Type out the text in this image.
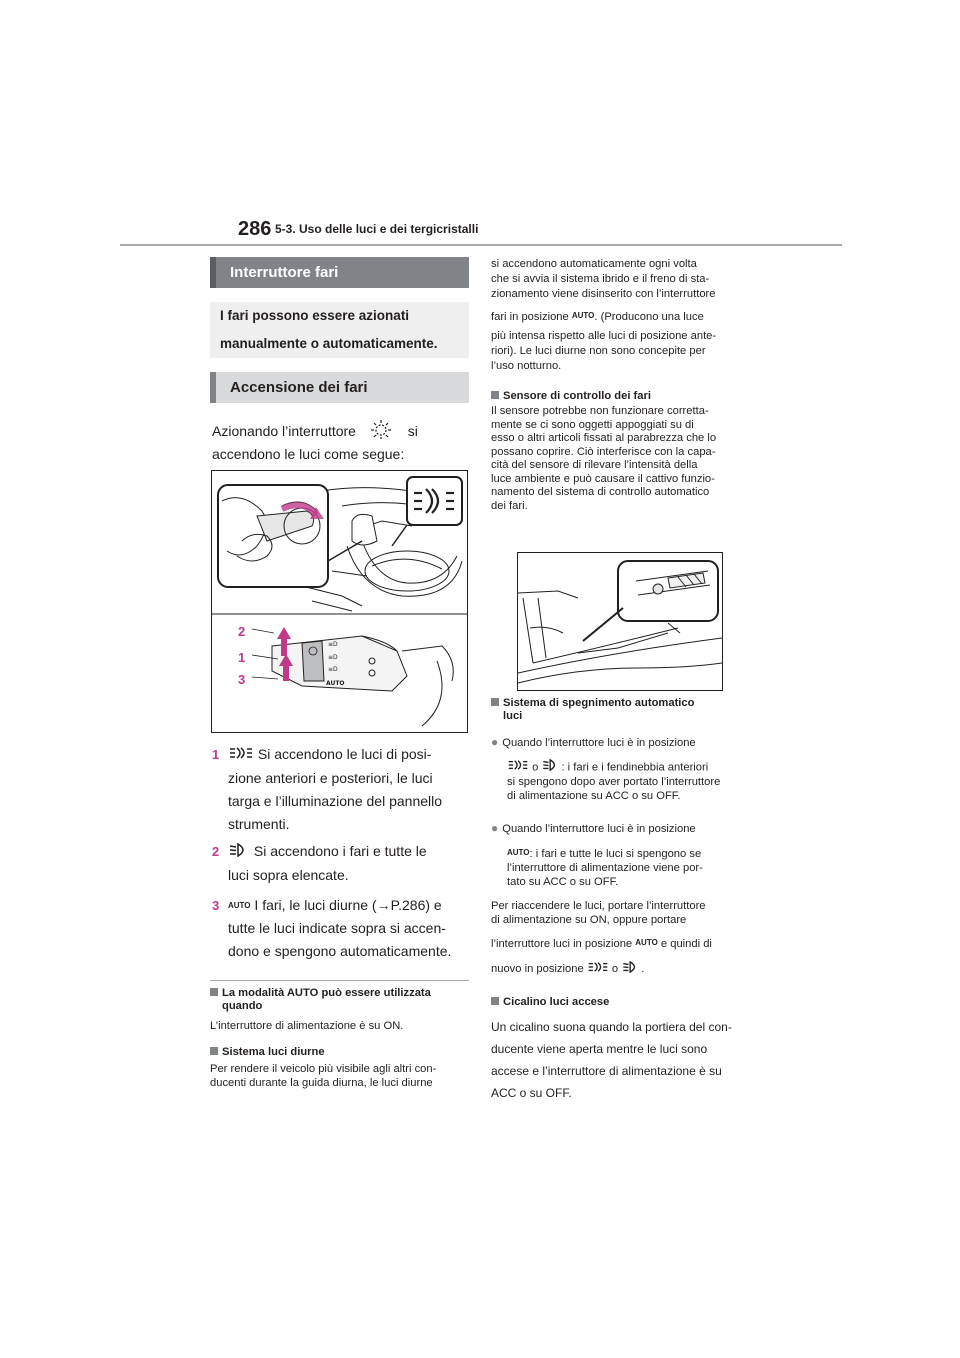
286 5-3. Uso delle luci e dei tergicristalli
Interruttore fari
I fari possono essere azionati
manualmente o automaticamente.
Accensione dei fari
Azionando l’interruttore	si
accendono le luci come segue:
≡D
≡D
≡D
AUTO
2
1
3
1 Si accendono le luci di posi-
zione anteriori e posteriori, le luci
targa e l’illuminazione del pannello
strumenti.
2 Si accendono i fari e tutte le
luci sopra elencate.
3 AUTO I fari, le luci diurne (→P.286) e
tutte le luci indicate sopra si accen-
dono e spengono automaticamente.
La modalità AUTO può essere utilizzata
quando
L’interruttore di alimentazione è su ON.
Sistema luci diurne
Per rendere il veicolo più visibile agli altri con-
ducenti durante la guida diurna, le luci diurne
si accendono automaticamente ogni volta
che si avvia il sistema ibrido e il freno di sta-
zionamento viene disinserito con l’interruttore
fari in posizione AUTO. (Producono una luce
più intensa rispetto alle luci di posizione ante-
riori). Le luci diurne non sono concepite per
l’uso notturno.
Sensore di controllo dei fari
Il sensore potrebbe non funzionare corretta-
mente se ci sono oggetti appoggiati su di
esso o altri articoli fissati al parabrezza che lo
possano coprire. Ciò interferisce con la capa-
cità del sensore di rilevare l’intensità della
luce ambiente e può causare il cattivo funzio-
namento del sistema di controllo automatico
dei fari.
Sistema di spegnimento automatico
luci
● Quando l’interruttore luci è in posizione
o : i fari e i fendinebbia anteriori
si spengono dopo aver portato l’interruttore
di alimentazione su ACC o su OFF.
● Quando l’interruttore luci è in posizione
AUTO: i fari e tutte le luci si spengono se
l’interruttore di alimentazione viene por-
tato su ACC o su OFF.
Per riaccendere le luci, portare l’interruttore
di alimentazione su ON, oppure portare
l’interruttore luci in posizione AUTO e quindi di
nuovo in posizione  o .
Cicalino luci accese
Un cicalino suona quando la portiera del con-
ducente viene aperta mentre le luci sono
accese e l’interruttore di alimentazione è su
ACC o su OFF.
